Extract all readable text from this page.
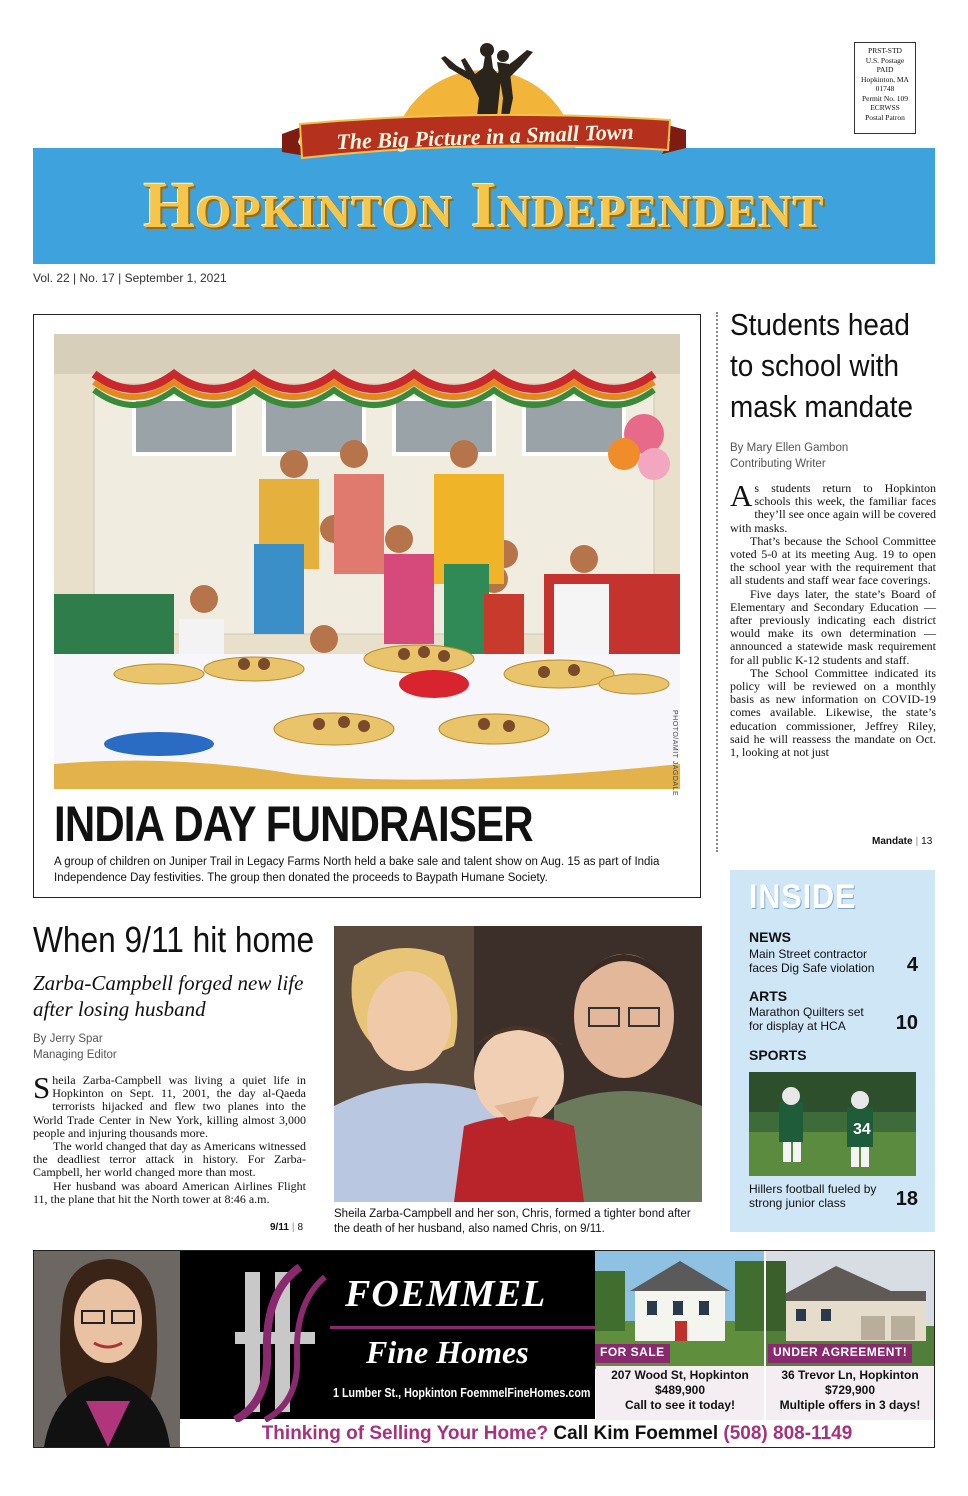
PRST-STD
U.S. Postage
PAID
Hopkinton, MA
01748
Permit No. 109
ECRWSS
Postal Patron
The Big Picture in a Small Town
Hopkinton Independent
Vol. 22 | No. 17 | September 1, 2021
PHOTO/AMIT JAGDALE
INDIA DAY FUNDRAISER
A group of children on Juniper Trail in Legacy Farms North held a bake sale and talent show on Aug. 15 as part of India Independence Day festivities. The group then donated the proceeds to Baypath Humane Society.
Students head to school with mask mandate
By Mary Ellen Gambon
Contributing Writer

As students return to Hopkinton schools this week, the familiar faces they’ll see once again will be covered with masks.

That’s because the School Committee voted 5-0 at its meeting Aug. 19 to open the school year with the requirement that all students and staff wear face coverings.

Five days later, the state’s Board of Elementary and Secondary Education — after previously indicating each district would make its own determination — announced a statewide mask requirement for all public K-12 students and staff.

The School Committee indicated its policy will be reviewed on a monthly basis as new information on COVID-19 comes available. Likewise, the state’s education commissioner, Jeffrey Riley, said he will reassess the mandate on Oct. 1, looking at not just

Mandate | 13
INSIDE
NEWS
Main Street contractor faces Dig Safe violation	4
ARTS
Marathon Quilters set for display at HCA	10
SPORTS
34
Hillers football fueled by strong junior class	18
When 9/11 hit home
Zarba-Campbell forged new life after losing husband
By Jerry Spar
Managing Editor

Sheila Zarba-Campbell was living a quiet life in Hopkinton on Sept. 11, 2001, the day al-Qaeda terrorists hijacked and flew two planes into the World Trade Center in New York, killing almost 3,000 people and injuring thousands more.

The world changed that day as Americans witnessed the deadliest terror attack in history. For Zarba-Campbell, her world changed more than most.

Her husband was aboard American Airlines Flight 11, the plane that hit the North tower at 8:46 a.m.

9/11 | 8
Sheila Zarba-Campbell and her son, Chris, formed a tighter bond after the death of her husband, also named Chris, on 9/11.
FOEMMEL
Fine Homes
1 Lumber St., Hopkinton FoemmelFineHomes.com
FOR SALE	UNDER AGREEMENT!
207 Wood St, Hopkinton
$489,900
Call to see it today!
36 Trevor Ln, Hopkinton
$729,900
Multiple offers in 3 days!
Thinking of Selling Your Home? Call Kim Foemmel (508) 808-1149
